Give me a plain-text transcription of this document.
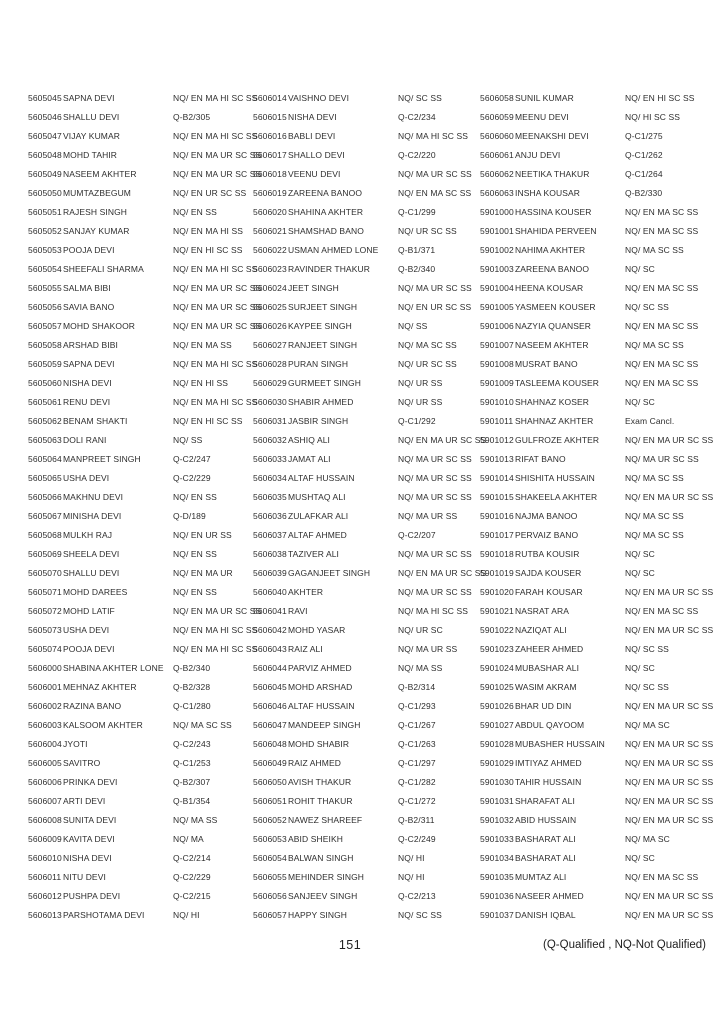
5605045 SAPNA DEVI	NQ/ EN MA HI SC SS
5605046 SHALLU DEVI	Q-B2/305
5605047 VIJAY KUMAR	NQ/ EN MA HI SC SS
5605048 MOHD TAHIR	NQ/ EN MA UR SC SS
5605049 NASEEM AKHTER	NQ/ EN MA UR SC SS
5605050 MUMTAZBEGUM	NQ/ EN UR SC SS
5605051 RAJESH SINGH	NQ/ EN SS
5605052 SANJAY KUMAR	NQ/ EN MA HI SS
5605053 POOJA DEVI	NQ/ EN HI SC SS
5605054 SHEEFALI SHARMA	NQ/ EN MA HI SC SS
5605055 SALMA BIBI	NQ/ EN MA UR SC SS
5605056 SAVIA BANO	NQ/ EN MA UR SC SS
5605057 MOHD SHAKOOR	NQ/ EN MA UR SC SS
5605058 ARSHAD BIBI	NQ/ EN MA SS
5605059 SAPNA DEVI	NQ/ EN MA HI SC SS
5605060 NISHA DEVI	NQ/ EN HI SS
5605061 RENU DEVI	NQ/ EN MA HI SC SS
5605062 BENAM SHAKTI	NQ/ EN HI SC SS
5605063 DOLI RANI	NQ/ SS
5605064 MANPREET SINGH	Q-C2/247
5605065 USHA DEVI	Q-C2/229
5605066 MAKHNU DEVI	NQ/ EN SS
5605067 MINISHA DEVI	Q-D/189
5605068 MULKH RAJ	NQ/ EN UR SS
5605069 SHEELA DEVI	NQ/ EN SS
5605070 SHALLU DEVI	NQ/ EN MA UR
5605071 MOHD DAREES	NQ/ EN SS
5605072 MOHD LATIF	NQ/ EN MA UR SC SS
5605073 USHA DEVI	NQ/ EN MA HI SC SS
5605074 POOJA DEVI	NQ/ EN MA HI SC SS
5606000 SHABINA AKHTER LONE	Q-B2/340
5606001 MEHNAZ AKHTER	Q-B2/328
5606002 RAZINA BANO	Q-C1/280
5606003 KALSOOM AKHTER	NQ/ MA SC SS
5606004 JYOTI	Q-C2/243
5606005 SAVITRO	Q-C1/253
5606006 PRINKA DEVI	Q-B2/307
5606007 ARTI DEVI	Q-B1/354
5606008 SUNITA DEVI	NQ/ MA SS
5606009 KAVITA DEVI	NQ/ MA
5606010 NISHA DEVI	Q-C2/214
5606011 NITU DEVI	Q-C2/229
5606012 PUSHPA DEVI	Q-C2/215
5606013 PARSHOTAMA DEVI	NQ/ HI
5606014 VAISHNO DEVI	NQ/ SC SS
5606015 NISHA DEVI	Q-C2/234
5606016 BABLI DEVI	NQ/ MA HI SC SS
5606017 SHALLO DEVI	Q-C2/220
5606018 VEENU DEVI	NQ/ MA UR SC SS
5606019 ZAREENA BANOO	NQ/ EN MA SC SS
5606020 SHAHINA AKHTER	Q-C1/299
5606021 SHAMSHAD BANO	NQ/ UR SC SS
5606022 USMAN AHMED LONE	Q-B1/371
5606023 RAVINDER THAKUR	Q-B2/340
5606024 JEET SINGH	NQ/ MA UR SC SS
5606025 SURJEET SINGH	NQ/ EN UR SC SS
5606026 KAYPEE SINGH	NQ/ SS
5606027 RANJEET SINGH	NQ/ MA SC SS
5606028 PURAN SINGH	NQ/ UR SC SS
5606029 GURMEET SINGH	NQ/ UR SS
5606030 SHABIR AHMED	NQ/ UR SS
5606031 JASBIR SINGH	Q-C1/292
5606032 ASHIQ ALI	NQ/ EN MA UR SC SS
5606033 JAMAT ALI	NQ/ MA UR SC SS
5606034 ALTAF HUSSAIN	NQ/ MA UR SC SS
5606035 MUSHTAQ ALI	NQ/ MA UR SC SS
5606036 ZULAFKAR ALI	NQ/ MA UR SS
5606037 ALTAF AHMED	Q-C2/207
5606038 TAZIVER ALI	NQ/ MA UR SC SS
5606039 GAGANJEET SINGH	NQ/ EN MA UR SC SS
5606040 AKHTER	NQ/ MA UR SC SS
5606041 RAVI	NQ/ MA HI SC SS
5606042 MOHD YASAR	NQ/ UR SC
5606043 RAIZ ALI	NQ/ MA UR SS
5606044 PARVIZ AHMED	NQ/ MA SS
5606045 MOHD ARSHAD	Q-B2/314
5606046 ALTAF HUSSAIN	Q-C1/293
5606047 MANDEEP SINGH	Q-C1/267
5606048 MOHD SHABIR	Q-C1/263
5606049 RAIZ AHMED	Q-C1/297
5606050 AVISH THAKUR	Q-C1/282
5606051 ROHIT THAKUR	Q-C1/272
5606052 NAWEZ SHAREEF	Q-B2/311
5606053 ABID SHEIKH	Q-C2/249
5606054 BALWAN SINGH	NQ/ HI
5606055 MEHINDER SINGH	NQ/ HI
5606056 SANJEEV SINGH	Q-C2/213
5606057 HAPPY SINGH	NQ/ SC SS
5606058 SUNIL KUMAR	NQ/ EN HI SC SS
5606059 MEENU DEVI	NQ/ HI SC SS
5606060 MEENAKSHI DEVI	Q-C1/275
5606061 ANJU DEVI	Q-C1/262
5606062 NEETIKA THAKUR	Q-C1/264
5606063 INSHA KOUSAR	Q-B2/330
5901000 HASSINA KOUSER	NQ/ EN MA SC SS
5901001 SHAHIDA PERVEEN	NQ/ EN MA SC SS
5901002 NAHIMA AKHTER	NQ/ MA SC SS
5901003 ZAREENA BANOO	NQ/ SC
5901004 HEENA KOUSAR	NQ/ EN MA SC SS
5901005 YASMEEN KOUSER	NQ/ SC SS
5901006 NAZYIA QUANSER	NQ/ EN MA SC SS
5901007 NASEEM AKHTER	NQ/ MA SC SS
5901008 MUSRAT BANO	NQ/ EN MA SC SS
5901009 TASLEEMA KOUSER	NQ/ EN MA SC SS
5901010 SHAHNAZ KOSER	NQ/ SC
5901011 SHAHNAZ AKHTER	Exam Cancl.
5901012 GULFROZE AKHTER	NQ/ EN MA UR SC SS
5901013 RIFAT BANO	NQ/ MA UR SC SS
5901014 SHISHITA HUSSAIN	NQ/ MA SC SS
5901015 SHAKEELA AKHTER	NQ/ EN MA UR SC SS
5901016 NAJMA BANOO	NQ/ MA SC SS
5901017 PERVAIZ BANO	NQ/ MA SC SS
5901018 RUTBA KOUSIR	NQ/ SC
5901019 SAJDA KOUSER	NQ/ SC
5901020 FARAH KOUSAR	NQ/ EN MA UR SC SS
5901021 NASRAT ARA	NQ/ EN MA SC SS
5901022 NAZIQAT ALI	NQ/ EN MA UR SC SS
5901023 ZAHEER AHMED	NQ/ SC SS
5901024 MUBASHAR ALI	NQ/ SC
5901025 WASIM AKRAM	NQ/ SC SS
5901026 BHAR UD DIN	NQ/ EN MA UR SC SS
5901027 ABDUL QAYOOM	NQ/ MA SC
5901028 MUBASHER HUSSAIN	NQ/ EN MA UR SC SS
5901029 IMTIYAZ AHMED	NQ/ EN MA UR SC SS
5901030 TAHIR HUSSAIN	NQ/ EN MA UR SC SS
5901031 SHARAFAT ALI	NQ/ EN MA UR SC SS
5901032 ABID HUSSAIN	NQ/ EN MA UR SC SS
5901033 BASHARAT ALI	NQ/ MA SC
5901034 BASHARAT ALI	NQ/ SC
5901035 MUMTAZ ALI	NQ/ EN MA SC SS
5901036 NASEER AHMED	NQ/ EN MA UR SC SS
5901037 DANISH IQBAL	NQ/ EN MA UR SC SS
151	(Q-Qualified , NQ-Not Qualified)
